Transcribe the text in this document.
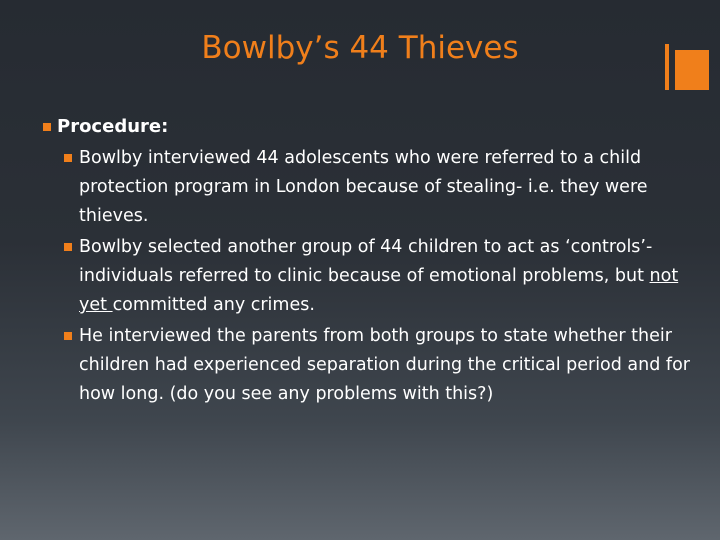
Bowlby’s 44 Thieves
Procedure:
Bowlby interviewed 44 adolescents who were referred to a child protection program in London because of stealing- i.e. they were thieves.
Bowlby selected another group of 44 children to act as ‘controls’- individuals referred to clinic because of emotional problems, but not yet committed any crimes.
He interviewed the parents from both groups to state whether their children had experienced separation during the critical period and for how long. (do you see any problems with this?)
